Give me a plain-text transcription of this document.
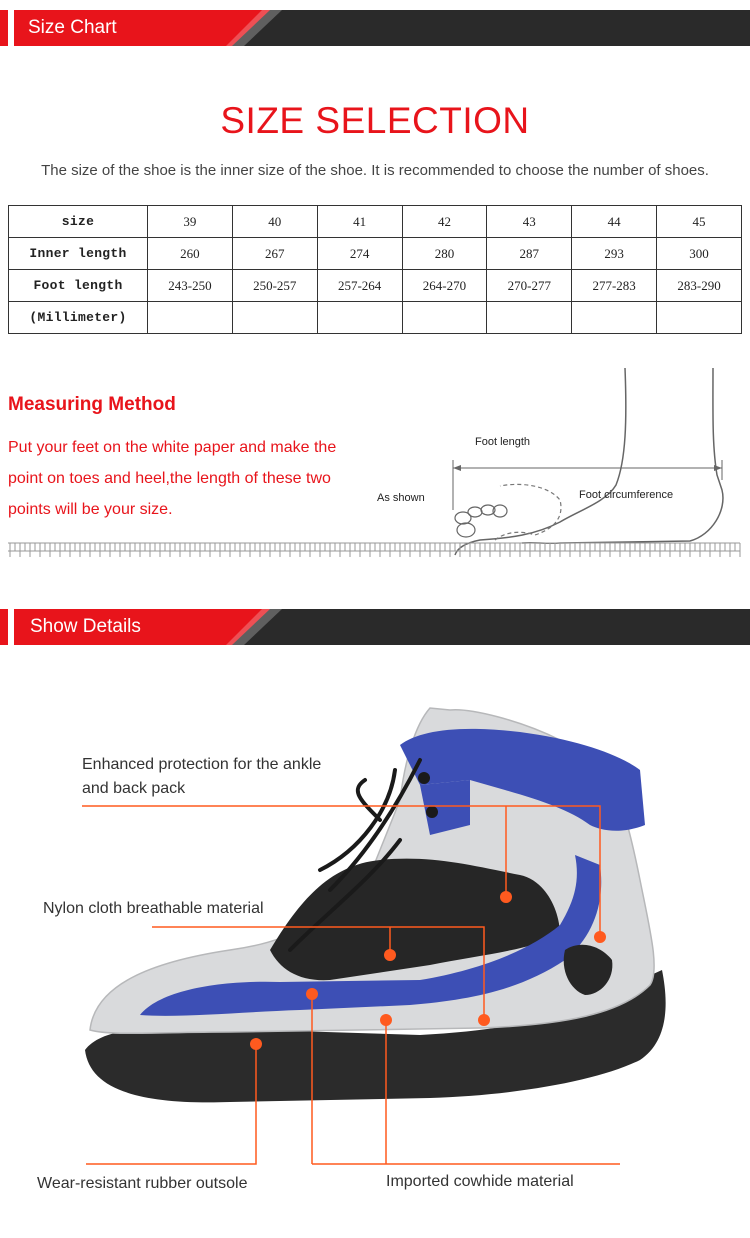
Size Chart
SIZE SELECTION
The size of the shoe is the inner size of the shoe. It is recommended to choose the number of shoes.
size	39	40	41	42	43	44	45
Inner length	260	267	274	280	287	293	300
Foot length	243-250	250-257	257-264	264-270	270-277	277-283	283-290
(Millimeter)							
Measuring Method
Put your feet on the white paper and make the point on toes and heel,the length of these two points will be your size.
Foot length
As shown	Foot circumference
Show Details
Enhanced protection for the ankle and back pack
Nylon cloth breathable material
Wear-resistant rubber outsole	Imported cowhide material
